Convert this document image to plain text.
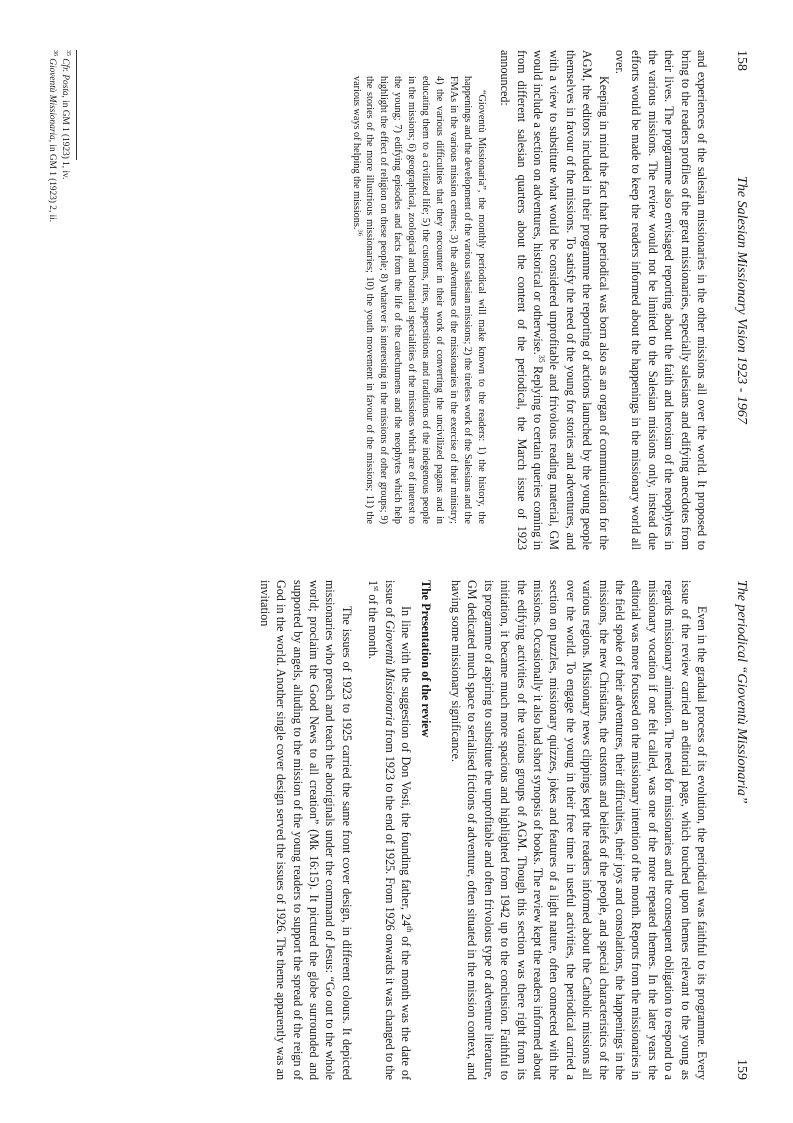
158
The Salesian Missionary Vision 1923 - 1967

and experiences of the salesian missionaries in the other missions all over the world. It proposed to bring to the readers profiles of the great missionaries, especially salesians and edifying anecdotes from their lives. The programme also envisaged reporting about the faith and heroism of the neophytes in the various missions. The review would not be limited to the Salesian missions only, instead due efforts would be made to keep the readers informed about the happenings in the missionary world all over.

Keeping in mind the fact that the periodical was born also as an organ of communication for the AGM, the editors included in their programme the reporting of actions launched by the young people themselves in favour of the missions. To satisfy the need of the young for stories and adventures, and with a view to substitute what would be considered unprofitable and frivolous reading material, GM would include a section on adventures, historical or otherwise.$^{35}$ Replying to certain queries coming in from different salesian quarters about the content of the periodical, the March issue of 1923 announced:

“Gioventù Missionaria”, the monthly periodical will make known to the readers: 1) the history, the happenings and the development of the various salesian missions; 2) the tireless work of the Salesians and the FMAs in the various mission centres; 3) the adventures of the missionaries in the exercise of their ministry; 4) the various difficulties that they encounter in their work of converting the uncivilized pagans and in educating them to a civilized life; 5) the customs, rites, superstitions and traditions of the indegenous people in the missions; 6) geographical, zoological and botanical specialities of the missions which are of interest to the young; 7) edifying episodes and facts from the life of the catechumens and the neophytes which help highlight the effect of religion on these people; 8) whatever is interesting in the missions of other groups; 9) the stories of the more illustrious missionaries; 10) the youth movement in favour of the missions; 11) the various ways of helping the missions.$^{36}$

$^{35}$ Cfr. Posta, in GM 1 (1923) 1, iv.

$^{36}$ Gioventù Missionaria, in GM 1 (1923) 2, ii.

The periodical “Gioventù Missionaria”
159

Even in the gradual process of its evolution, the periodical was faithful to its programme. Every issue of the review carried an editorial page, which touched upon themes relevant to the young as regards missionary animation. The need for missionaries and the consequent obligation to respond to a missionary vocation if one felt called, was one of the more repeated themes. In the later years the editorial was more focussed on the missionary intention of the month. Reports from the missionaries in the field spoke of their adventures, their difficulties, their joys and consolations, the happenings in the missions, the new Christians, the customs and beliefs of the people, and special characteristics of the various regions. Missionary news clippings kept the readers informed about the Catholic missions all over the world. To engage the young in their free time in useful activities, the periodical carried a section on puzzles, missionary quizzes, jokes and features of a light nature, often connected with the missions. Occasionally it also had short synopsis of books. The review kept the readers informed about the edifying activities of the various groups of AGM. Though this section was there right from its initiation, it became much more spacious and highlighted from 1942 up to the conclusion. Faithful to its programme of aspiring to substitute the unprofitable and often frivolous type of adventure literature, GM dedicated much space to serialised fictions of adventure, often situated in the mission context, and having some missionary significance.

The Presentation of the review

In line with the suggestion of Don Vosti, the founding father, 24th of the month was the date of issue of Gioventù Missionaria from 1923 to the end of 1925. From 1926 onwards it was changed to the 1st of the month.

The issues of 1923 to 1925 carried the same front cover design, in different colours. It depicted missionaries who preach and teach the aboriginals under the command of Jesus: “Go out to the whole world; proclaim the Good News to all creation” (Mk 16:15). It pictured the globe surrounded and supported by angels, alluding to the mission of the young readers to support the spread of the reign of God in the world. Another single cover design served the issues of 1926. The theme apparently was an invitation
